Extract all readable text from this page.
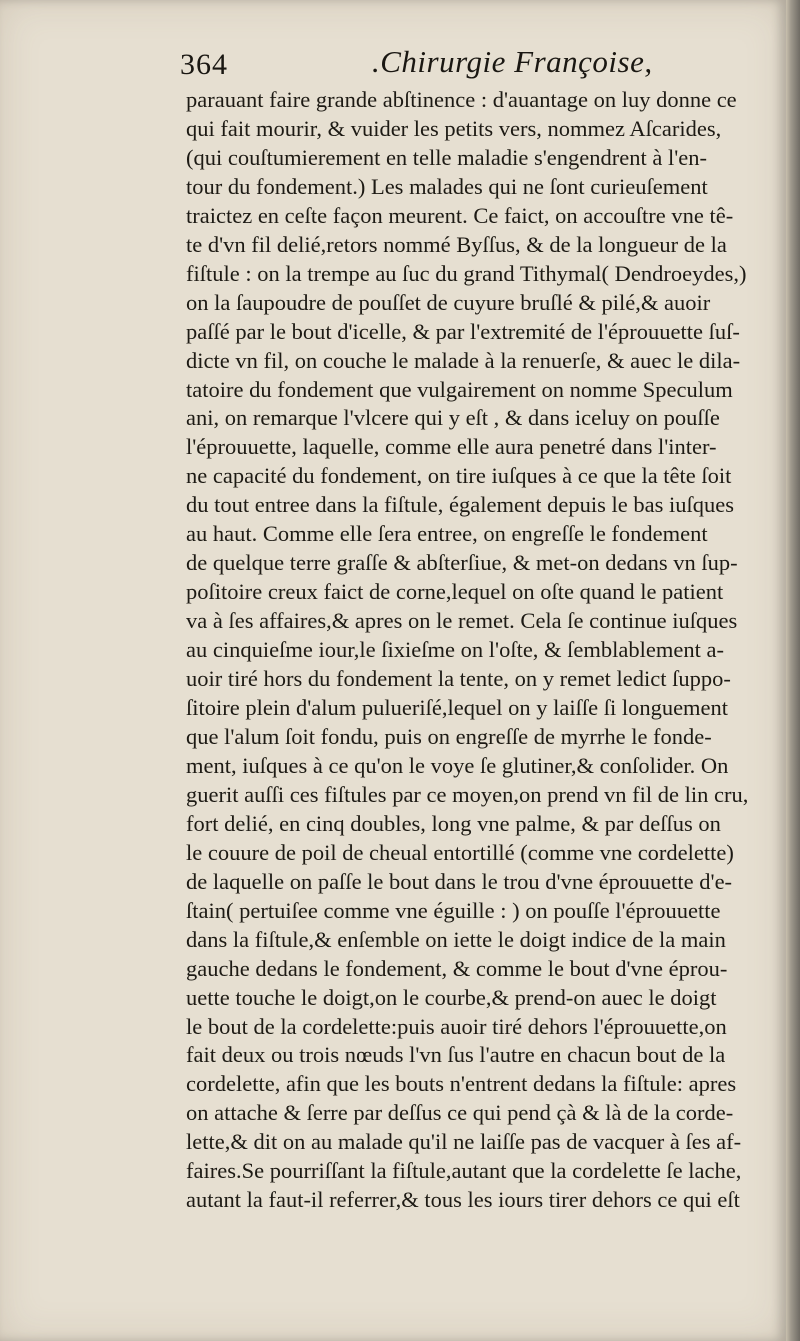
364	.Chirurgie Françoise,
parauant faire grande abſtinence : d'auantage on luy donne ce
qui fait mourir, & vuider les petits vers, nommez Aſcarides,
(qui couſtumierement en telle maladie s'engendrent à l'en-
tour du fondement.) Les malades qui ne ſont curieuſement
traictez en ceſte façon meurent. Ce faict, on accouſtre vne tê-
te d'vn fil delié,retors nommé Byſſus, & de la longueur de la
fiſtule : on la trempe au ſuc du grand Tithymal( Dendroeydes,)
on la ſaupoudre de pouſſet de cuyure bruſlé & pilé,& auoir
paſſé par le bout d'icelle, & par l'extremité de l'éprouuette ſuſ-
dicte vn fil, on couche le malade à la renuerſe, & auec le dila-
tatoire du fondement que vulgairement on nomme Speculum
ani, on remarque l'vlcere qui y eſt , & dans iceluy on pouſſe
l'éprouuette, laquelle, comme elle aura penetré dans l'inter-
ne capacité du fondement, on tire iuſques à ce que la tête ſoit
du tout entree dans la fiſtule, également depuis le bas iuſques
au haut. Comme elle ſera entree, on engreſſe le fondement
de quelque terre graſſe & abſterſiue, & met-on dedans vn ſup-
poſitoire creux faict de corne,lequel on oſte quand le patient
va à ſes affaires,& apres on le remet. Cela ſe continue iuſques
au cinquieſme iour,le ſixieſme on l'oſte, & ſemblablement a-
uoir tiré hors du fondement la tente, on y remet ledict ſuppo-
ſitoire plein d'alum pulueriſé,lequel on y laiſſe ſi longuement
que l'alum ſoit fondu, puis on engreſſe de myrrhe le fonde-
ment, iuſques à ce qu'on le voye ſe glutiner,& conſolider. On
guerit auſſi ces fiſtules par ce moyen,on prend vn fil de lin cru,
fort delié, en cinq doubles, long vne palme, & par deſſus on
le couure de poil de cheual entortillé (comme vne cordelette)
de laquelle on paſſe le bout dans le trou d'vne éprouuette d'e-
ſtain( pertuiſee comme vne éguille : ) on pouſſe l'éprouuette
dans la fiſtule,& enſemble on iette le doigt indice de la main
gauche dedans le fondement, & comme le bout d'vne éprou-
uette touche le doigt,on le courbe,& prend-on auec le doigt
le bout de la cordelette:puis auoir tiré dehors l'éprouuette,on
fait deux ou trois nœuds l'vn ſus l'autre en chacun bout de la
cordelette, afin que les bouts n'entrent dedans la fiſtule: apres
on attache & ſerre par deſſus ce qui pend çà & là de la corde-
lette,& dit on au malade qu'il ne laiſſe pas de vacquer à ſes af-
faires.Se pourriſſant la fiſtule,autant que la cordelette ſe lache,
autant la faut-il referrer,& tous les iours tirer dehors ce qui eſt
